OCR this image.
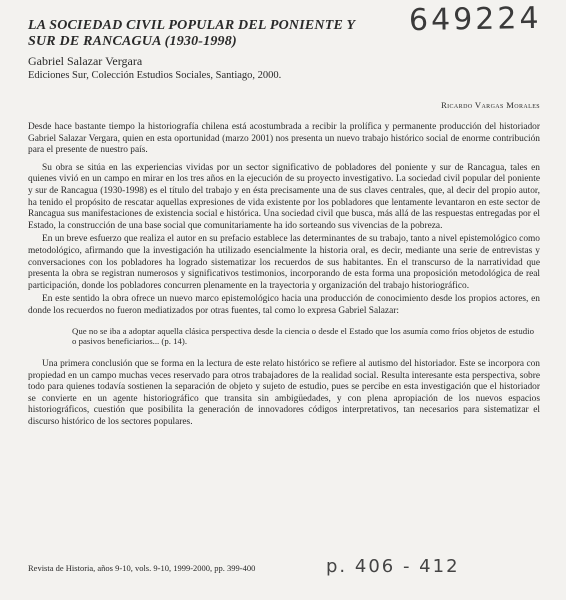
649224
LA SOCIEDAD CIVIL POPULAR DEL PONIENTE Y SUR DE RANCAGUA (1930-1998)
Gabriel Salazar Vergara
Ediciones Sur, Colección Estudios Sociales, Santiago, 2000.
Ricardo Vargas Morales

Desde hace bastante tiempo la historiografía chilena está acostumbrada a recibir la prolífica y permanente producción del historiador Gabriel Salazar Vergara, quien en esta oportunidad (marzo 2001) nos presenta un nuevo trabajo histórico social de enorme contribución para el presente de nuestro país.

Su obra se sitúa en las experiencias vividas por un sector significativo de pobladores del poniente y sur de Rancagua, tales en quienes vivió en un campo en mirar en los tres años en la ejecución de su proyecto investigativo. La sociedad civil popular del poniente y sur de Rancagua (1930-1998) es el título del trabajo y en ésta precisamente una de sus claves centrales, que, al decir del propio autor, ha tenido el propósito de rescatar aquellas expresiones de vida existente por los pobladores que lentamente levantaron en este sector de Rancagua sus manifestaciones de existencia social e histórica. Una sociedad civil que busca, más allá de las respuestas entregadas por el Estado, la construcción de una base social que comunitariamente ha ido sorteando sus vivencias de la pobreza.

En un breve esfuerzo que realiza el autor en su prefacio establece las determinantes de su trabajo, tanto a nivel epistemológico como metodológico, afirmando que la investigación ha utilizado esencialmente la historia oral, es decir, mediante una serie de entrevistas y conversaciones con los pobladores ha logrado sistematizar los recuerdos de sus habitantes. En el transcurso de la narratividad que presenta la obra se registran numerosos y significativos testimonios, incorporando de esta forma una proposición metodológica de real participación, donde los pobladores concurren plenamente en la trayectoria y organización del trabajo historiográfico.

En este sentido la obra ofrece un nuevo marco epistemológico hacia una producción de conocimiento desde los propios actores, en donde los recuerdos no fueron mediatizados por otras fuentes, tal como lo expresa Gabriel Salazar:

Que no se iba a adoptar aquella clásica perspectiva desde la ciencia o desde el Estado que los asumía como fríos objetos de estudio o pasivos beneficiarios... (p. 14).

Una primera conclusión que se forma en la lectura de este relato histórico se refiere al autismo del historiador. Este se incorpora con propiedad en un campo muchas veces reservado para otros trabajadores de la realidad social. Resulta interesante esta perspectiva, sobre todo para quienes todavía sostienen la separación de objeto y sujeto de estudio, pues se percibe en esta investigación que el historiador se convierte en un agente historiográfico que transita sin ambigüedades, y con plena apropiación de los nuevos espacios historiográficos, cuestión que posibilita la generación de innovadores códigos interpretativos, tan necesarios para sistematizar el discurso histórico de los sectores populares.

Revista de Historia, años 9-10, vols. 9-10, 1999-2000, pp. 399-400	p. 406 - 412
